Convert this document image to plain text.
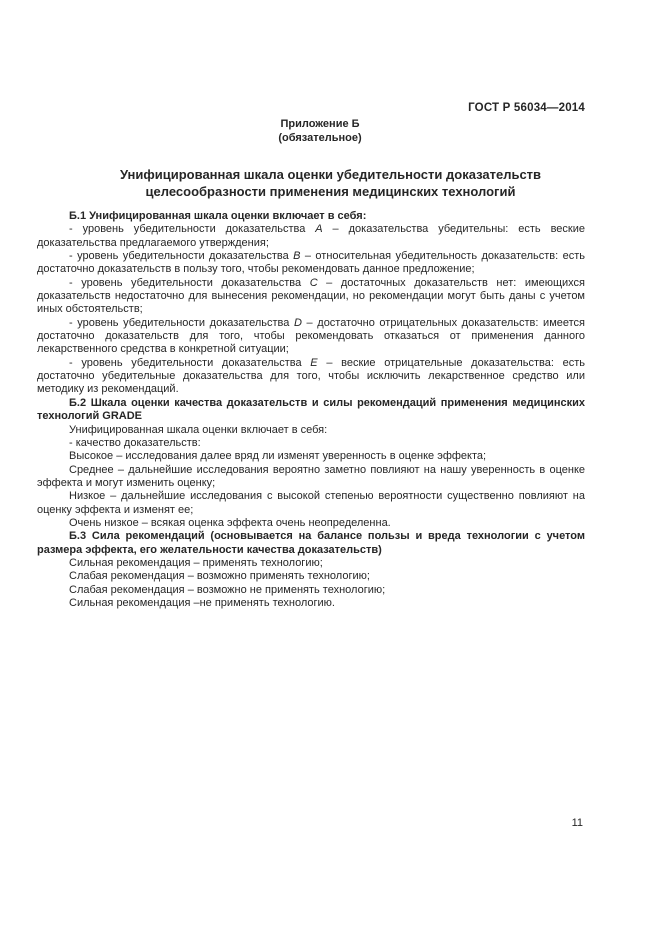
ГОСТ Р 56034—2014
Приложение Б
(обязательное)
Унифицированная шкала оценки убедительности доказательств целесообразности применения медицинских технологий

Б.1 Унифицированная шкала оценки включает в себя:

- уровень убедительности доказательства А – доказательства убедительны: есть веские доказательства предлагаемого утверждения;

- уровень убедительности доказательства В – относительная убедительность доказательств: есть достаточно доказательств в пользу того, чтобы рекомендовать данное предложение;

- уровень убедительности доказательства С – достаточных доказательств нет: имеющихся доказательств недостаточно для вынесения рекомендации, но рекомендации могут быть даны с учетом иных обстоятельств;

- уровень убедительности доказательства D – достаточно отрицательных доказательств: имеется достаточно доказательств для того, чтобы рекомендовать отказаться от применения данного лекарственного средства в конкретной ситуации;

- уровень убедительности доказательства Е – веские отрицательные доказательства: есть достаточно убедительные доказательства для того, чтобы исключить лекарственное средство или методику из рекомендаций.

Б.2 Шкала оценки качества доказательств и силы рекомендаций применения медицинских технологий GRADE

Унифицированная шкала оценки включает в себя:

- качество доказательств:

Высокое – исследования далее вряд ли изменят уверенность в оценке эффекта;

Среднее – дальнейшие исследования вероятно заметно повлияют на нашу уверенность в оценке эффекта и могут изменить оценку;

Низкое – дальнейшие исследования с высокой степенью вероятности существенно повлияют на оценку эффекта и изменят ее;

Очень низкое – всякая оценка эффекта очень неопределенна.

Б.3 Сила рекомендаций (основывается на балансе пользы и вреда технологии с учетом размера эффекта, его желательности качества доказательств)

Сильная рекомендация – применять технологию;

Слабая рекомендация – возможно применять технологию;

Слабая рекомендация – возможно не применять технологию;

Сильная рекомендация –не применять технологию.

11
